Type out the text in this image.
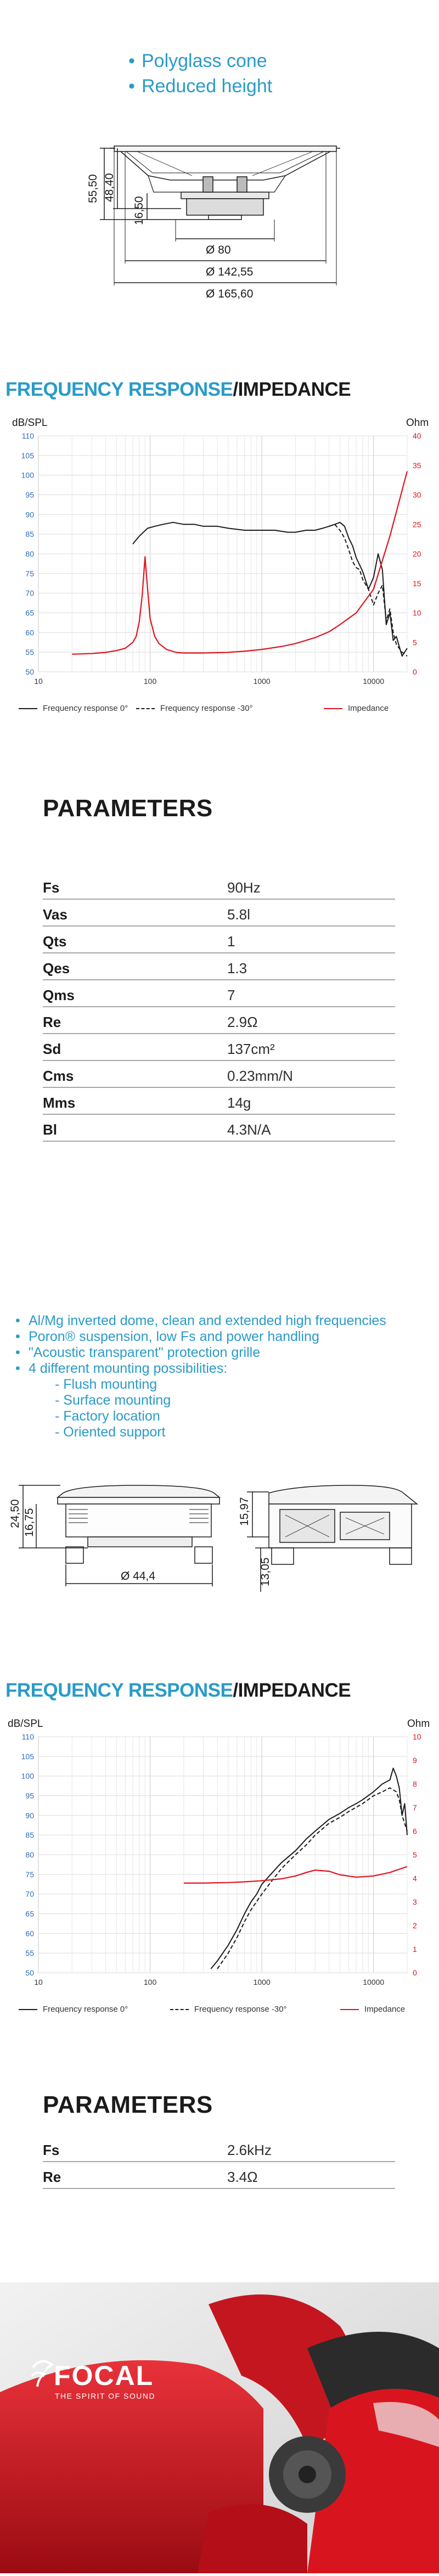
• Polyglass cone
• Reduced height
55,50 48,40
16,50
Ø 80
Ø 142,55
Ø 165,60
FREQUENCY RESPONSE/IMPEDANCE
dB/SPL	Ohm
50
55
60
65
70
75
80
85
90
95
100
105
110
0
5
10
15
20
25
30
35
40
10	100	1000	10000
Frequency response 0°	Frequency response -30°	Impedance
PARAMETERS
Fs	90Hz
Vas	5.8l
Qts	1
Qes	1.3
Qms	7
Re	2.9Ω
Sd	137cm²
Cms	0.23mm/N
Mms	14g
Bl	4.3N/A
• Al/Mg inverted dome, clean and extended high frequencies
• Poron® suspension, low Fs and power handling
• "Acoustic transparent" protection grille
• 4 different mounting possibilities:
- Flush mounting
- Surface mounting
- Factory location
- Oriented support
24,50 16,75
Ø 44,4
15,97
13,05
FREQUENCY RESPONSE/IMPEDANCE
dB/SPL	Ohm
50
55
60
65
70
75
80
85
90
95
100
105
110
0
1
2
3
4
5
6
7
8
9
10
10	100	1000	10000
Frequency response 0°	Frequency response -30°	Impedance
PARAMETERS
Fs	2.6kHz
Re	3.4Ω
FOCAL
THE SPIRIT OF SOUND
